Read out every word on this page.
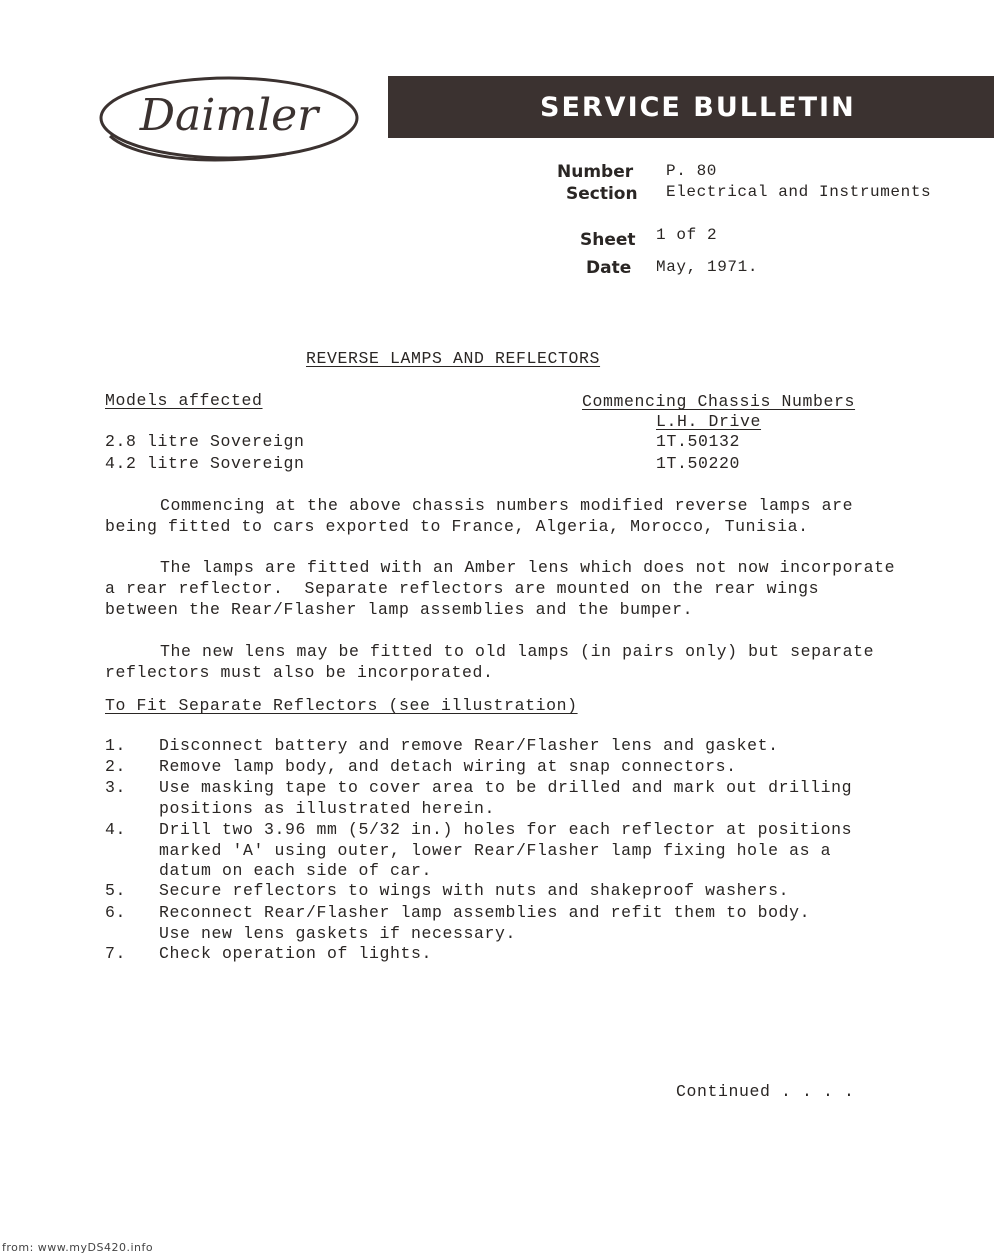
Daimler	SERVICE BULLETIN
Number P. 80
Section Electrical and Instruments
Sheet 1 of 2
Date May, 1971.
REVERSE LAMPS AND REFLECTORS
Models affected	Commencing Chassis Numbers
L.H. Drive
2.8 litre Sovereign	1T.50132
4.2 litre Sovereign	1T.50220
Commencing at the above chassis numbers modified reverse lamps are
being fitted to cars exported to France, Algeria, Morocco, Tunisia.
The lamps are fitted with an Amber lens which does not now incorporate
a rear reflector.  Separate reflectors are mounted on the rear wings
between the Rear/Flasher lamp assemblies and the bumper.
The new lens may be fitted to old lamps (in pairs only) but separate
reflectors must also be incorporated.
To Fit Separate Reflectors (see illustration)
1. Disconnect battery and remove Rear/Flasher lens and gasket.
2. Remove lamp body, and detach wiring at snap connectors.
3. Use masking tape to cover area to be drilled and mark out drilling
positions as illustrated herein.
4. Drill two 3.96 mm (5/32 in.) holes for each reflector at positions
marked 'A' using outer, lower Rear/Flasher lamp fixing hole as a
datum on each side of car.
5. Secure reflectors to wings with nuts and shakeproof washers.
6. Reconnect Rear/Flasher lamp assemblies and refit them to body.
Use new lens gaskets if necessary.
7. Check operation of lights.
Continued . . . .
from: www.myDS420.info
